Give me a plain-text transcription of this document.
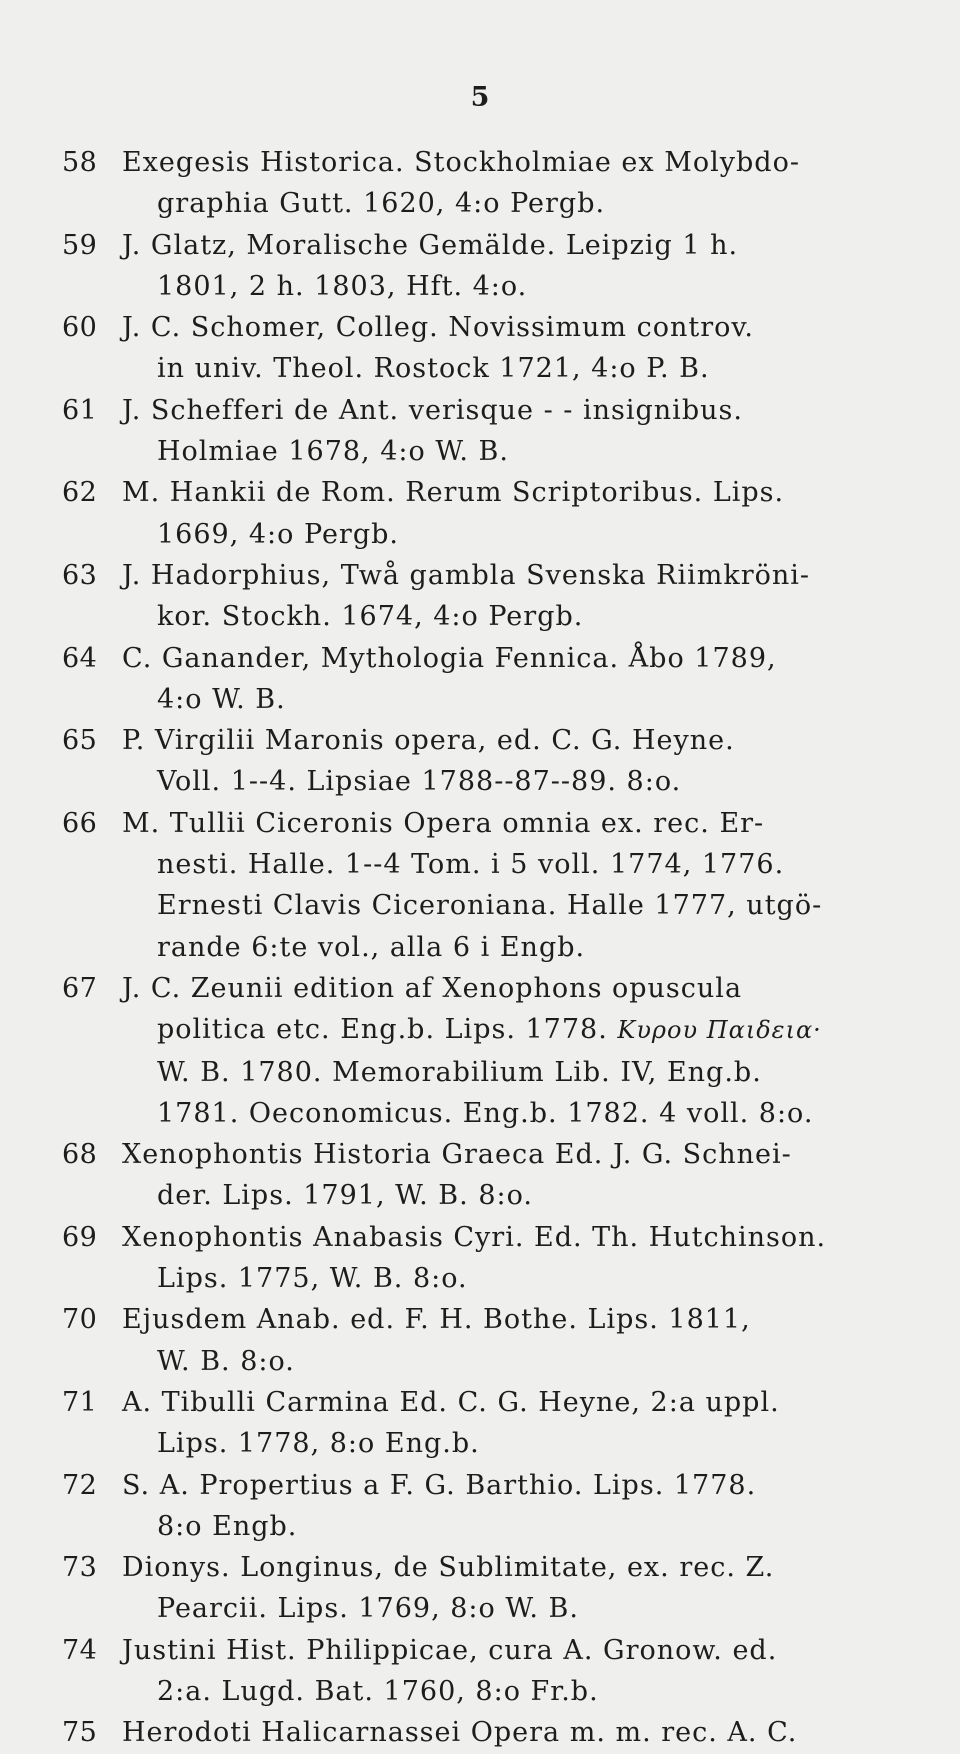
5
58 Exegesis Historica. Stockholmiae ex Molybdo-
graphia Gutt. 1620, 4:o Pergb.
59 J. Glatz, Moralische Gemälde. Leipzig 1 h.
1801, 2 h. 1803, Hft. 4:o.
60 J. C. Schomer, Colleg. Novissimum controv.
in univ. Theol. Rostock 1721, 4:o P. B.
61 J. Schefferi de Ant. verisque - - insignibus.
Holmiae 1678, 4:o W. B.
62 M. Hankii de Rom. Rerum Scriptoribus. Lips.
1669, 4:o Pergb.
63 J. Hadorphius, Twå gambla Svenska Riimkröni-
kor. Stockh. 1674, 4:o Pergb.
64 C. Ganander, Mythologia Fennica. Åbo 1789,
4:o W. B.
65 P. Virgilii Maronis opera, ed. C. G. Heyne.
Voll. 1--4. Lipsiae 1788--87--89. 8:o.
66 M. Tullii Ciceronis Opera omnia ex. rec. Er-
nesti. Halle. 1--4 Tom. i 5 voll. 1774, 1776.
Ernesti Clavis Ciceroniana. Halle 1777, utgö-
rande 6:te vol., alla 6 i Engb.
67 J. C. Zeunii edition af Xenophons opuscula
politica etc. Eng.b. Lips. 1778. Κυρου Παιδεια·
W. B. 1780. Memorabilium Lib. IV, Eng.b.
1781. Oeconomicus. Eng.b. 1782. 4 voll. 8:o.
68 Xenophontis Historia Graeca Ed. J. G. Schnei-
der. Lips. 1791, W. B. 8:o.
69 Xenophontis Anabasis Cyri. Ed. Th. Hutchinson.
Lips. 1775, W. B. 8:o.
70 Ejusdem Anab. ed. F. H. Bothe. Lips. 1811,
W. B. 8:o.
71 A. Tibulli Carmina Ed. C. G. Heyne, 2:a uppl.
Lips. 1778, 8:o Eng.b.
72 S. A. Propertius a F. G. Barthio. Lips. 1778.
8:o Engb.
73 Dionys. Longinus, de Sublimitate, ex. rec. Z.
Pearcii. Lips. 1769, 8:o W. B.
74 Justini Hist. Philippicae, cura A. Gronow. ed.
2:a. Lugd. Bat. 1760, 8:o Fr.b.
75 Herodoti Halicarnassei Opera m. m. rec. A. C.
